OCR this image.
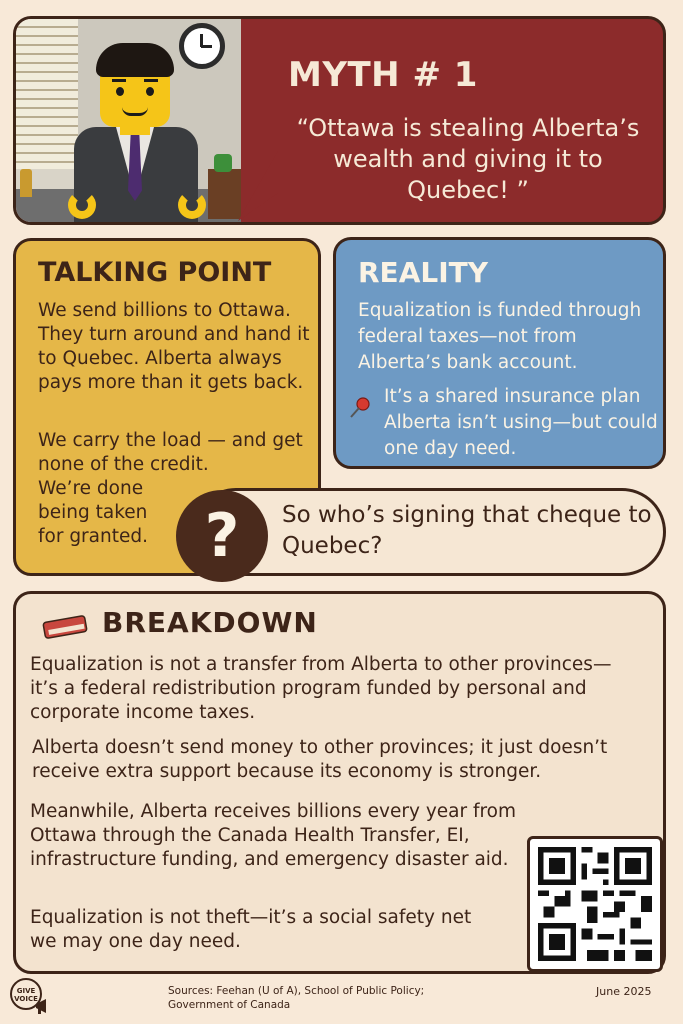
MYTH # 1
“Ottawa is stealing Alberta’s wealth and giving it to Quebec! ”
TALKING POINT
We send billions to Ottawa. They turn around and hand it to Quebec. Alberta always pays more than it gets back.
We carry the load — and get none of the credit.
We’re done being taken for granted.
REALITY
Equalization is funded through federal taxes—not from Alberta’s bank account.
It’s a shared insurance plan Alberta isn’t using—but could one day need.
?	So who’s signing that cheque to Quebec?
BREAKDOWN
Equalization is not a transfer from Alberta to other provinces—it’s a federal redistribution program funded by personal and corporate income taxes.
Alberta doesn’t send money to other provinces; it just doesn’t receive extra support because its economy is stronger.
Meanwhile, Alberta receives billions every year from Ottawa through the Canada Health Transfer, EI, infrastructure funding, and emergency disaster aid.
Equalization is not theft—it’s a social safety net we may one day need.
GIVE VOICE
Sources: Feehan (U of A), School of Public Policy; Government of Canada
June 2025
